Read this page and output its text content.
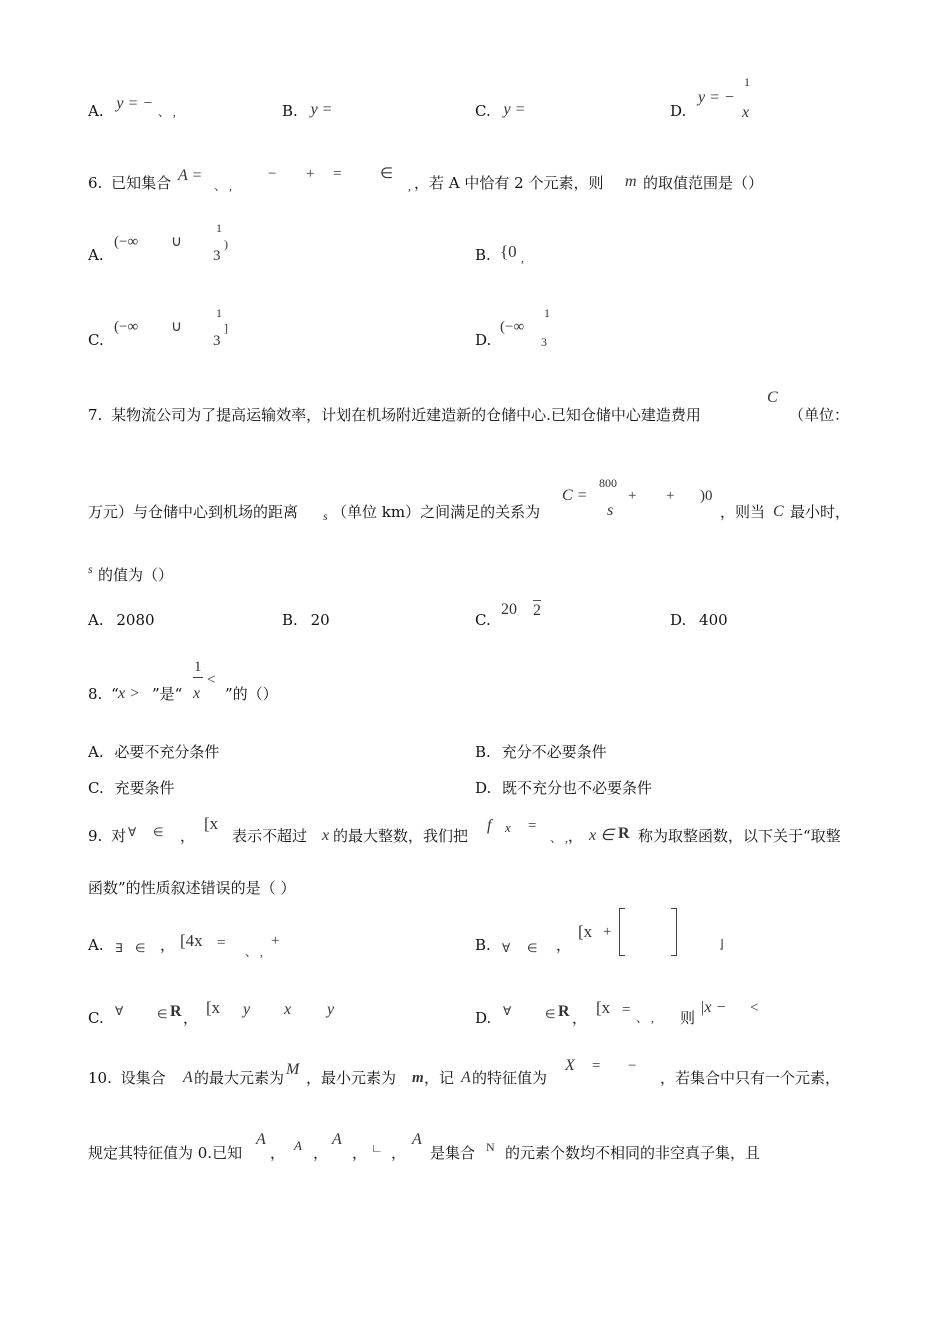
A. y = − 、 ,	B. y =	C. y =	D.
y = −
1
x
6. 已知集合 A =
、 ,
− + =	∈
, ，若 A 中恰有 2 个元素，则 m 的取值范围是（）
A.
(−∞ ∪
1
3
)
B. {0 ,
C.
(−∞ ∪
1
3
]
D.
(−∞
1
3
7. 某物流公司为了提高运输效率，计划在机场附近建造新的仓储中心.已知仓储中心建造费用
C
（单位：
万元）与仓储中心到机场的距离 s （单位 km）之间满足的关系为
C =
800
s
+ + )0
，则当 C 最小时，
s 的值为（）
A. 2080	B. 20	C.
20 2
D. 400
8. “ x > ”是“
1
x
<
”的（）
A. 必要不充分条件	B. 充分不必要条件
C. 充要条件	D. 既不充分也不必要条件
9. 对 ∀ ∈ ，
[x
表示不超过 x 的最大整数，我们把
f x =
、 , ， x ∈ R 称为取整函数，以下关于“取整
函数”的性质叙述错误的是（ ）
A. ∃ ∈ ， [4x =
、 ,
+	B. ∀ ∈ ，
[x +
⌋
C. ∀	∈ R ，
[x y x y	D. ∀	∈ R ，
[x = 、 , 则
|x − <
10. 设集合 A 的最大元素为 M ，最小元素为 m ，记 A 的特征值为
X = −
，若集合中只有一个元素，
规定其特征值为 0.已知
A
， A ，
A
， ∟ ，
A
是集合 N 的元素个数均不相同的非空真子集，且
